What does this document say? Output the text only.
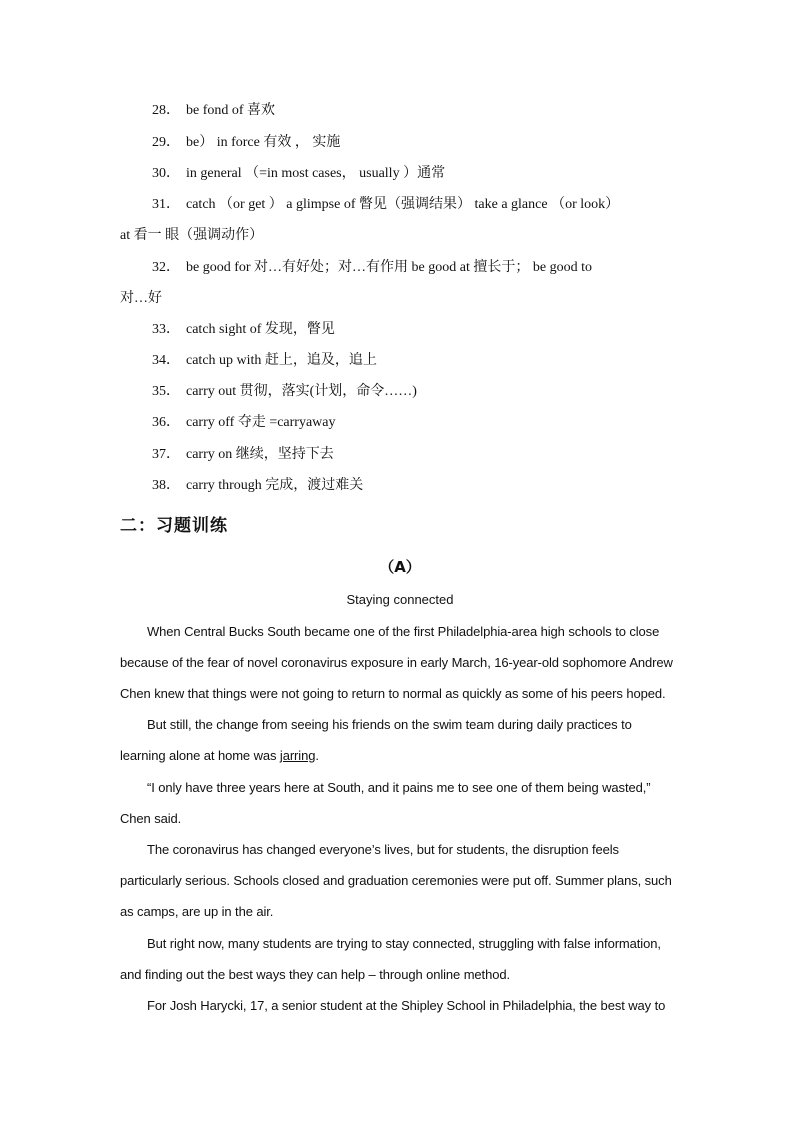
28． be fond of 喜欢
29． be） in force 有效 ， 实施
30． in general （=in most cases， usually ）通常
31． catch （or get ） a glimpse of 瞥见（强调结果） take a glance （or look）
at 看一 眼（强调动作）
32． be good for 对…有好处；对…有作用 be good at 擅长于； be good to
对…好
33． catch sight of 发现，瞥见
34． catch up with 赶上，追及，追上
35． carry out 贯彻，落实(计划，命令……)
36． carry off 夺走 =carryaway
37． carry on 继续，坚持下去
38． carry through 完成，渡过难关
二：习题训练
（A）
Staying connected
When Central Bucks South became one of the first Philadelphia-area high schools to close
because of the fear of novel coronavirus exposure in early March, 16-year-old sophomore Andrew
Chen knew that things were not going to return to normal as quickly as some of his peers hoped.
But still, the change from seeing his friends on the swim team during daily practices to
learning alone at home was jarring.
“I only have three years here at South, and it pains me to see one of them being wasted,”
Chen said.
The coronavirus has changed everyone’s lives, but for students, the disruption feels
particularly serious. Schools closed and graduation ceremonies were put off. Summer plans, such
as camps, are up in the air.
But right now, many students are trying to stay connected, struggling with false information,
and finding out the best ways they can help – through online method.
For Josh Harycki, 17, a senior student at the Shipley School in Philadelphia, the best way to
